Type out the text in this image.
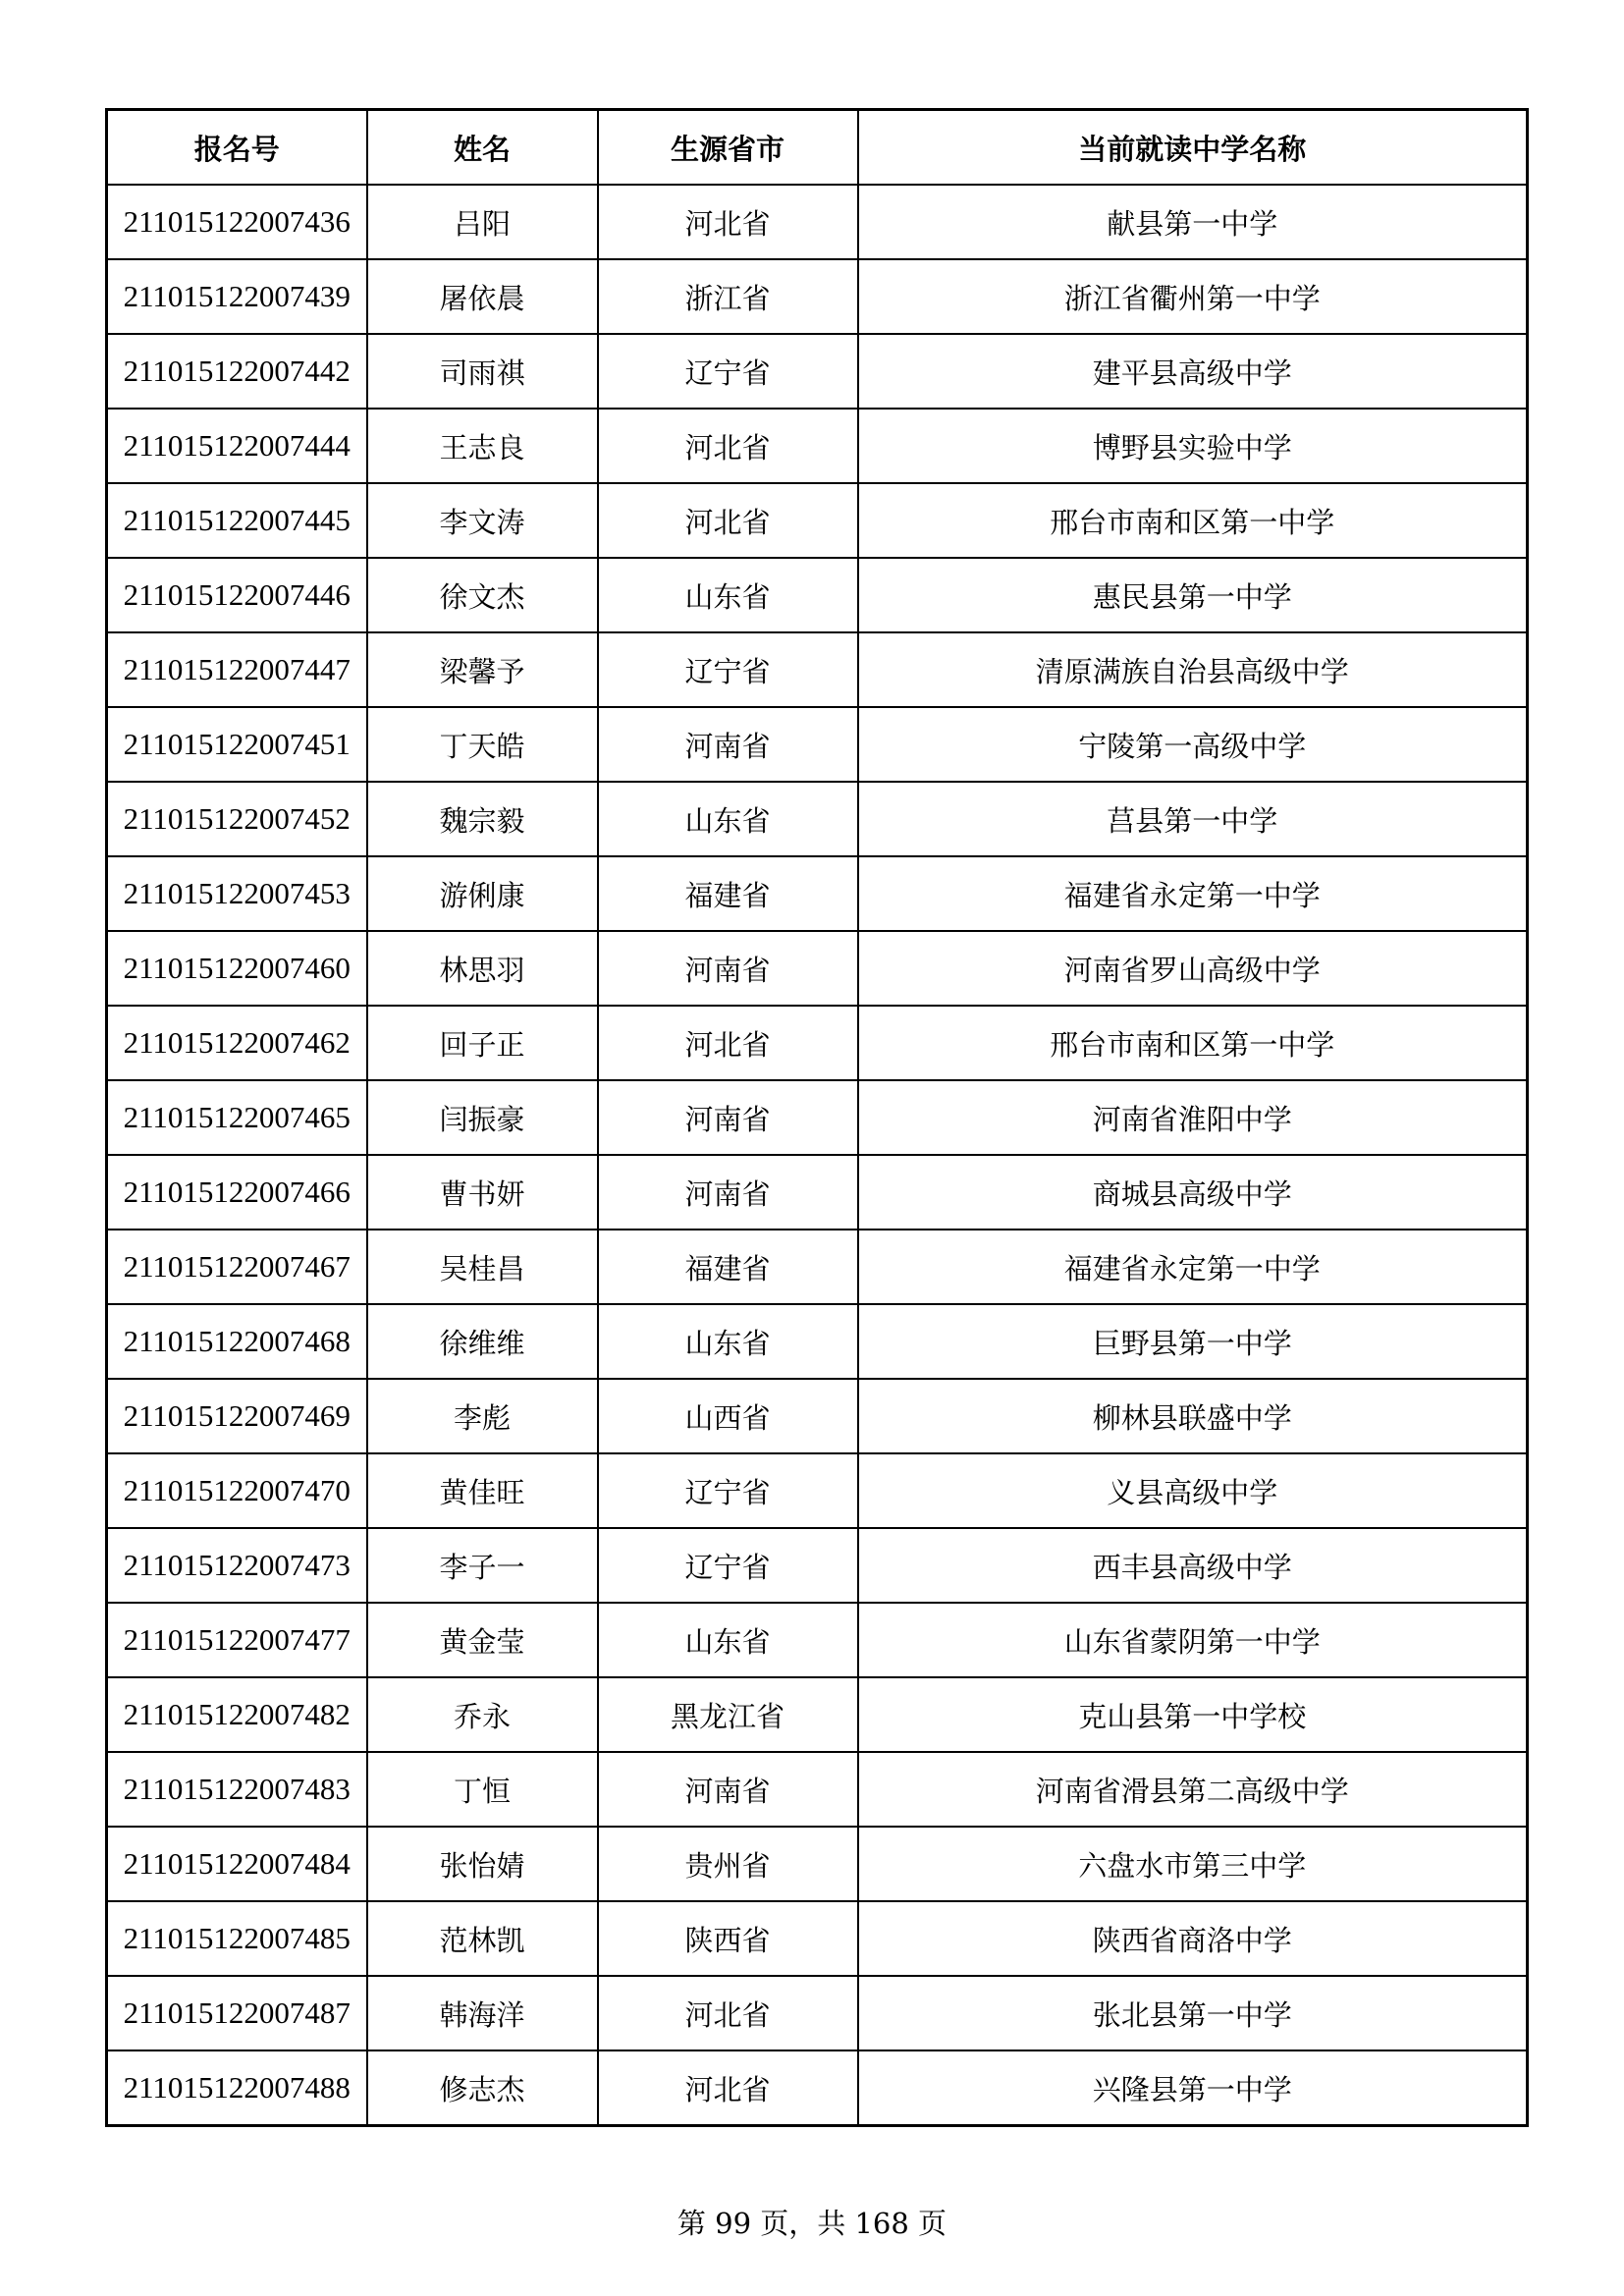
报名号	姓名	生源省市	当前就读中学名称
211015122007436	吕阳	河北省	献县第一中学
211015122007439	屠依晨	浙江省	浙江省衢州第一中学
211015122007442	司雨祺	辽宁省	建平县高级中学
211015122007444	王志良	河北省	博野县实验中学
211015122007445	李文涛	河北省	邢台市南和区第一中学
211015122007446	徐文杰	山东省	惠民县第一中学
211015122007447	梁馨予	辽宁省	清原满族自治县高级中学
211015122007451	丁天皓	河南省	宁陵第一高级中学
211015122007452	魏宗毅	山东省	莒县第一中学
211015122007453	游俐康	福建省	福建省永定第一中学
211015122007460	林思羽	河南省	河南省罗山高级中学
211015122007462	回子正	河北省	邢台市南和区第一中学
211015122007465	闫振豪	河南省	河南省淮阳中学
211015122007466	曹书妍	河南省	商城县高级中学
211015122007467	吴桂昌	福建省	福建省永定第一中学
211015122007468	徐维维	山东省	巨野县第一中学
211015122007469	李彪	山西省	柳林县联盛中学
211015122007470	黄佳旺	辽宁省	义县高级中学
211015122007473	李子一	辽宁省	西丰县高级中学
211015122007477	黄金莹	山东省	山东省蒙阴第一中学
211015122007482	乔永	黑龙江省	克山县第一中学校
211015122007483	丁恒	河南省	河南省滑县第二高级中学
211015122007484	张怡婧	贵州省	六盘水市第三中学
211015122007485	范林凯	陕西省	陕西省商洛中学
211015122007487	韩海洋	河北省	张北县第一中学
211015122007488	修志杰	河北省	兴隆县第一中学
第 99 页，共 168 页
